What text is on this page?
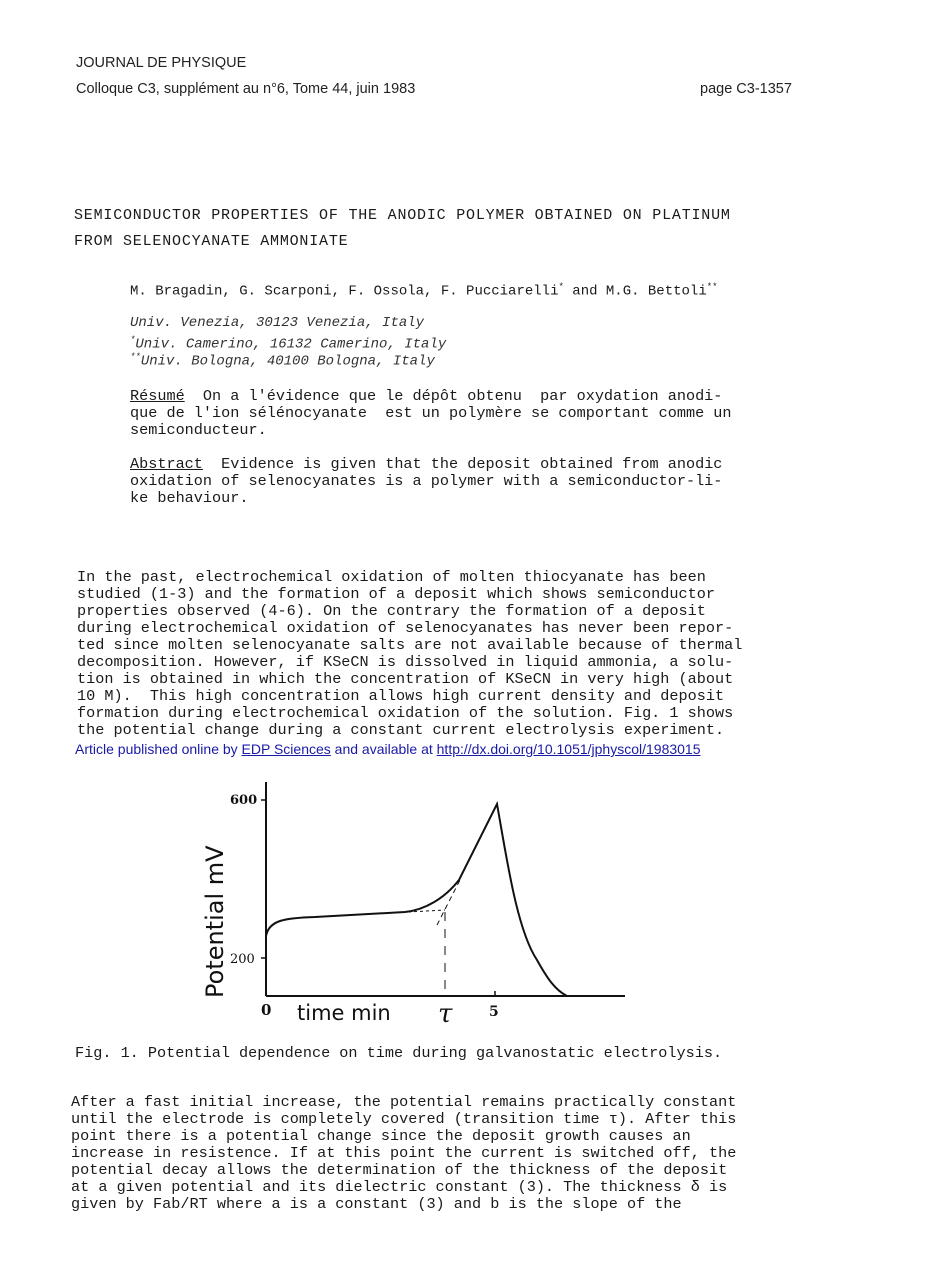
JOURNAL DE PHYSIQUE
Colloque C3, supplément au n°6, Tome 44, juin 1983	page C3-1357
SEMICONDUCTOR PROPERTIES OF THE ANODIC POLYMER OBTAINED ON PLATINUM
FROM SELENOCYANATE AMMONIATE
M. Bragadin, G. Scarponi, F. Ossola, F. Pucciarelli* and M.G. Bettoli**
Univ. Venezia, 30123 Venezia, Italy
*Univ. Camerino, 16132 Camerino, Italy
**Univ. Bologna, 40100 Bologna, Italy
Résumé  On a l'évidence que le dépôt obtenu  par oxydation anodi-
que de l'ion sélénocyanate  est un polymère se comportant comme un
semiconducteur.
Abstract  Evidence is given that the deposit obtained from anodic
oxidation of selenocyanates is a polymer with a semiconductor-li-
ke behaviour.

In the past, electrochemical oxidation of molten thiocyanate has been
studied (1-3) and the formation of a deposit which shows semiconductor
properties observed (4-6). On the contrary the formation of a deposit
during electrochemical oxidation of selenocyanates has never been repor-
ted since molten selenocyanate salts are not available because of thermal
decomposition. However, if KSeCN is dissolved in liquid ammonia, a solu-
tion is obtained in which the concentration of KSeCN in very high (about
10 M).  This high concentration allows high current density and deposit
formation during electrochemical oxidation of the solution. Fig. 1 shows
the potential change during a constant current electrolysis experiment.

Article published online by EDP Sciences and available at http://dx.doi.org/10.1051/jphyscol/1983015

600
200
0 time min τ	5
Potential mV

Fig. 1. Potential dependence on time during galvanostatic electrolysis.

After a fast initial increase, the potential remains practically constant
until the electrode is completely covered (transition time τ). After this
point there is a potential change since the deposit growth causes an
increase in resistence. If at this point the current is switched off, the
potential decay allows the determination of the thickness of the deposit
at a given potential and its dielectric constant (3). The thickness δ is
given by Fab/RT where a is a constant (3) and b is the slope of the
